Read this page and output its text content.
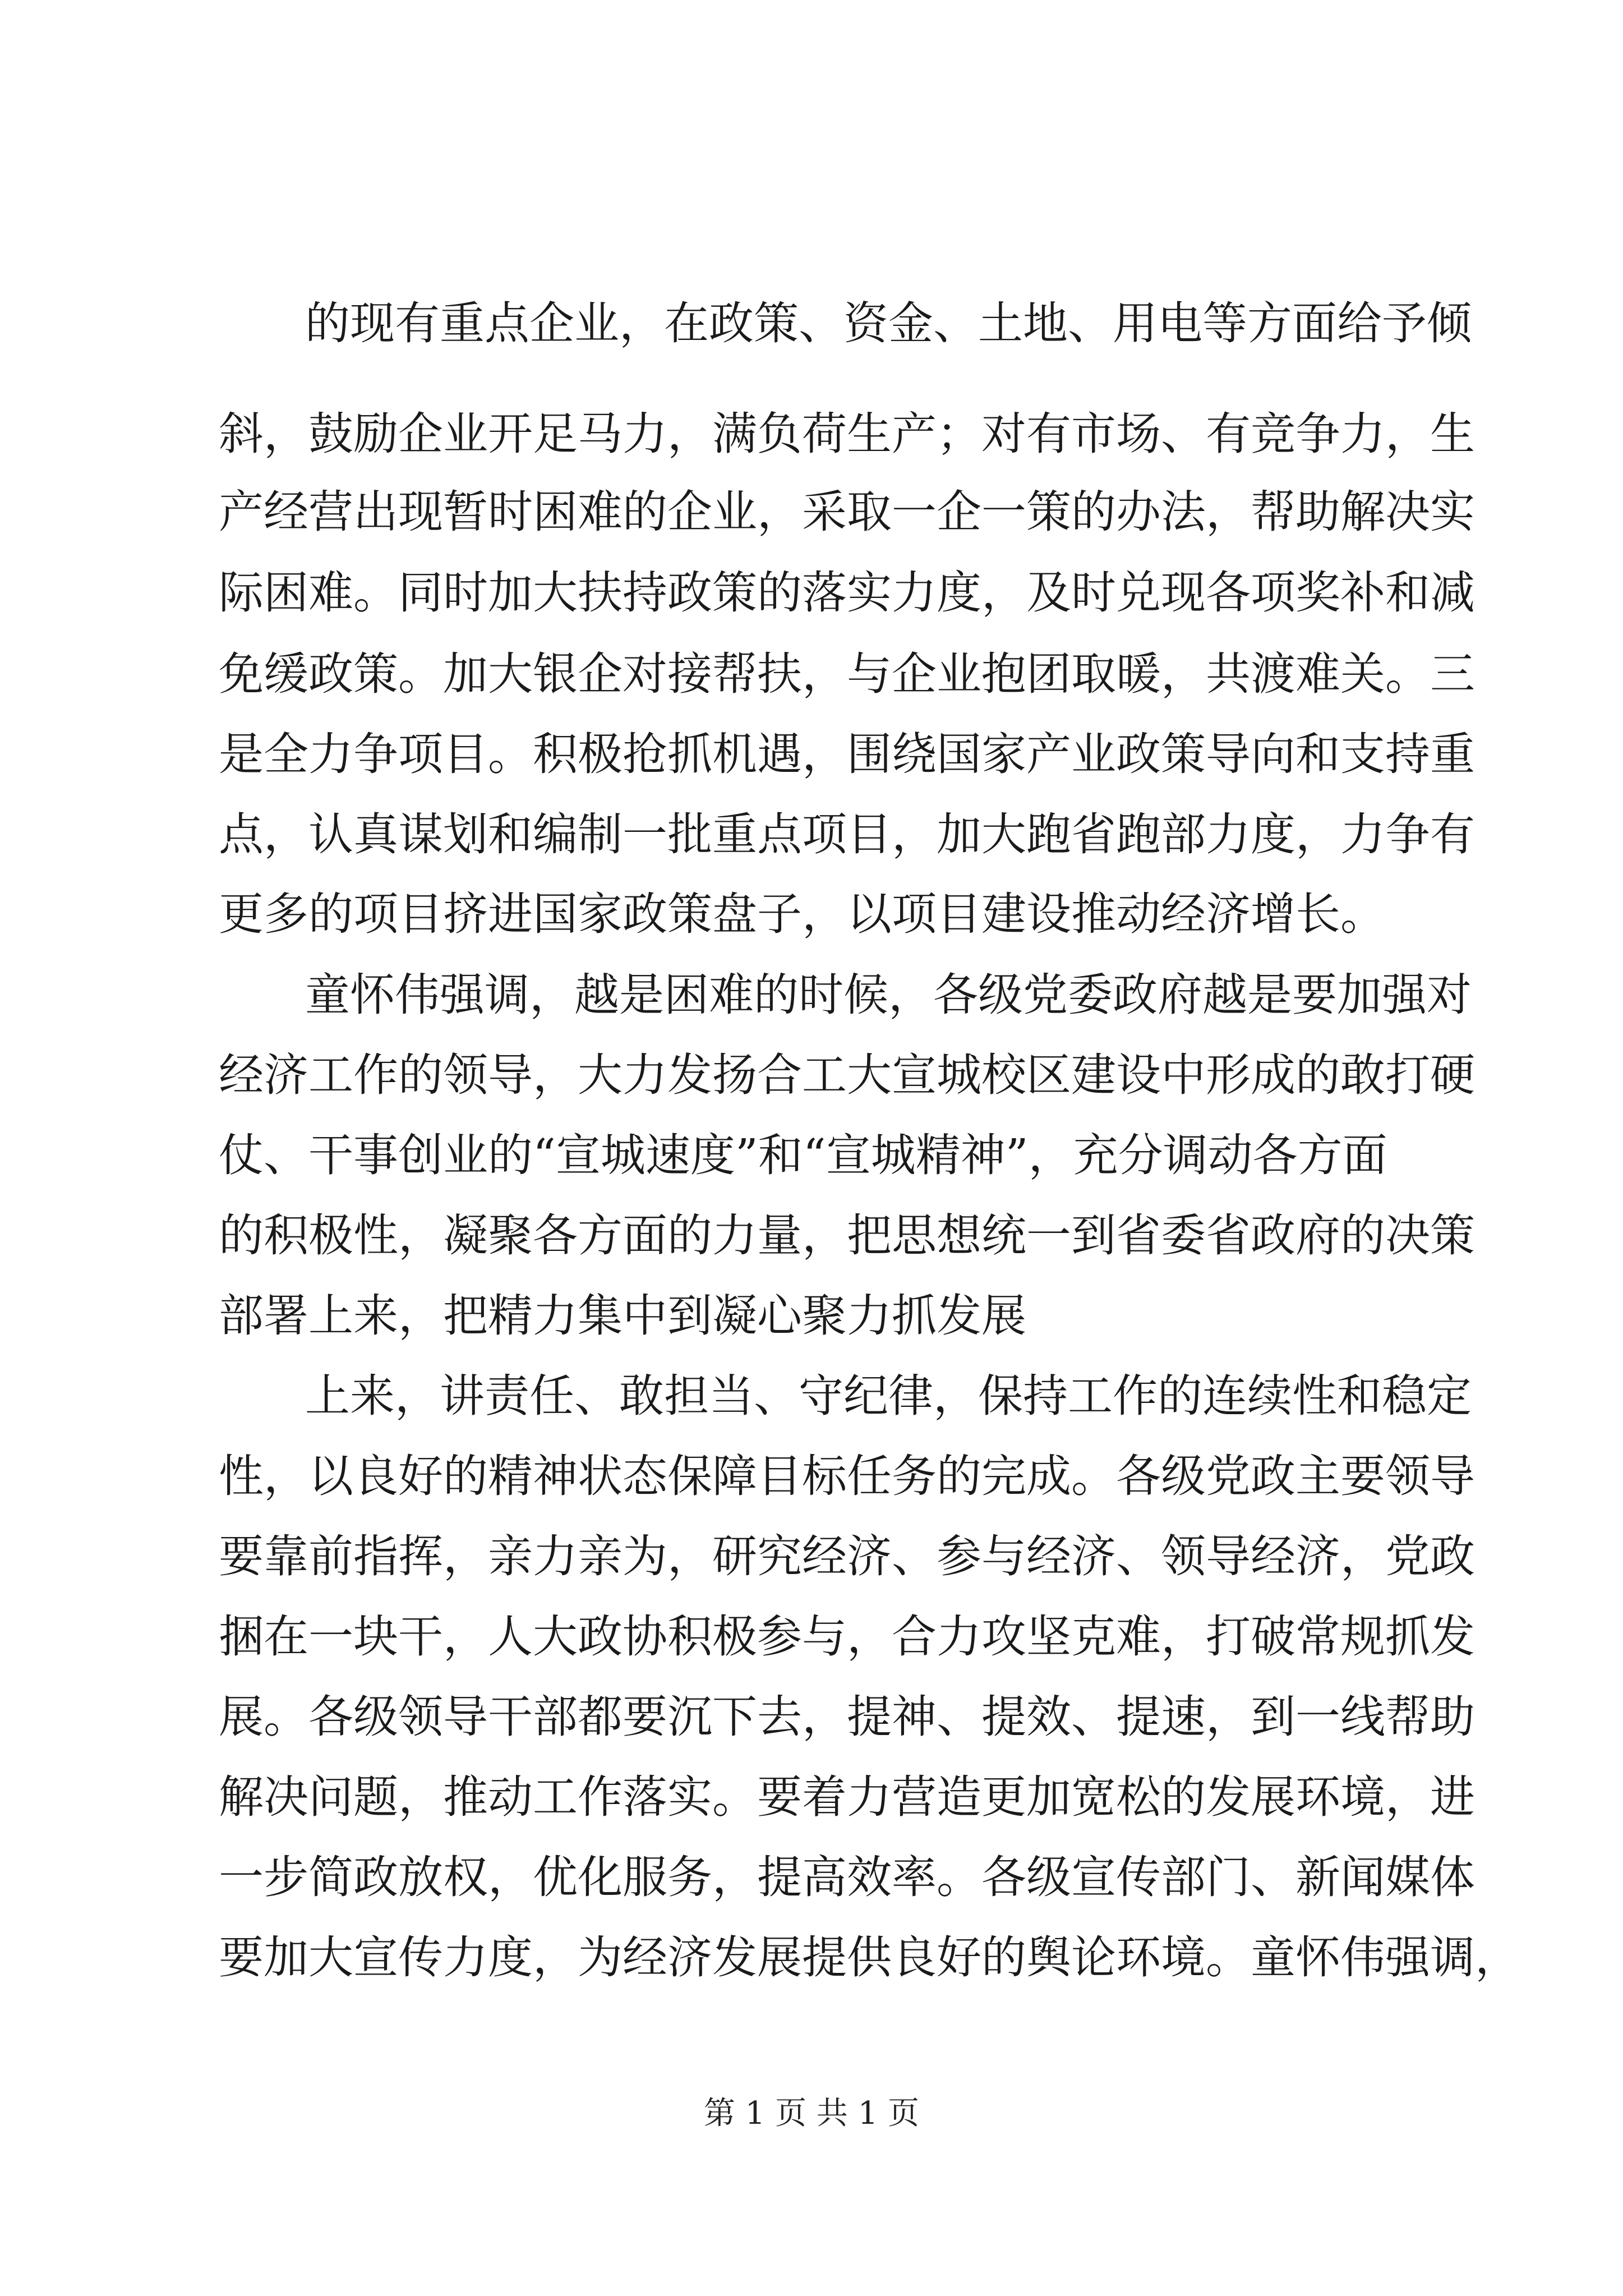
的现有重点企业，在政策、资金、土地、用电等方面给予倾
斜，鼓励企业开足马力，满负荷生产；对有市场、有竞争力，生
产经营出现暂时困难的企业，采取一企一策的办法，帮助解决实
际困难。同时加大扶持政策的落实力度，及时兑现各项奖补和减
免缓政策。加大银企对接帮扶，与企业抱团取暖，共渡难关。三
是全力争项目。积极抢抓机遇，围绕国家产业政策导向和支持重
点，认真谋划和编制一批重点项目，加大跑省跑部力度，力争有
更多的项目挤进国家政策盘子，以项目建设推动经济增长。
童怀伟强调，越是困难的时候，各级党委政府越是要加强对
经济工作的领导，大力发扬合工大宣城校区建设中形成的敢打硬
仗、干事创业的“宣城速度”和“宣城精神”，充分调动各方面
的积极性，凝聚各方面的力量，把思想统一到省委省政府的决策
部署上来，把精力集中到凝心聚力抓发展
上来，讲责任、敢担当、守纪律，保持工作的连续性和稳定
性，以良好的精神状态保障目标任务的完成。各级党政主要领导
要靠前指挥，亲力亲为，研究经济、参与经济、领导经济，党政
捆在一块干，人大政协积极参与，合力攻坚克难，打破常规抓发
展。各级领导干部都要沉下去，提神、提效、提速，到一线帮助
解决问题，推动工作落实。要着力营造更加宽松的发展环境，进
一步简政放权，优化服务，提高效率。各级宣传部门、新闻媒体
要加大宣传力度，为经济发展提供良好的舆论环境。童怀伟强调，
第 1 页 共 1 页
